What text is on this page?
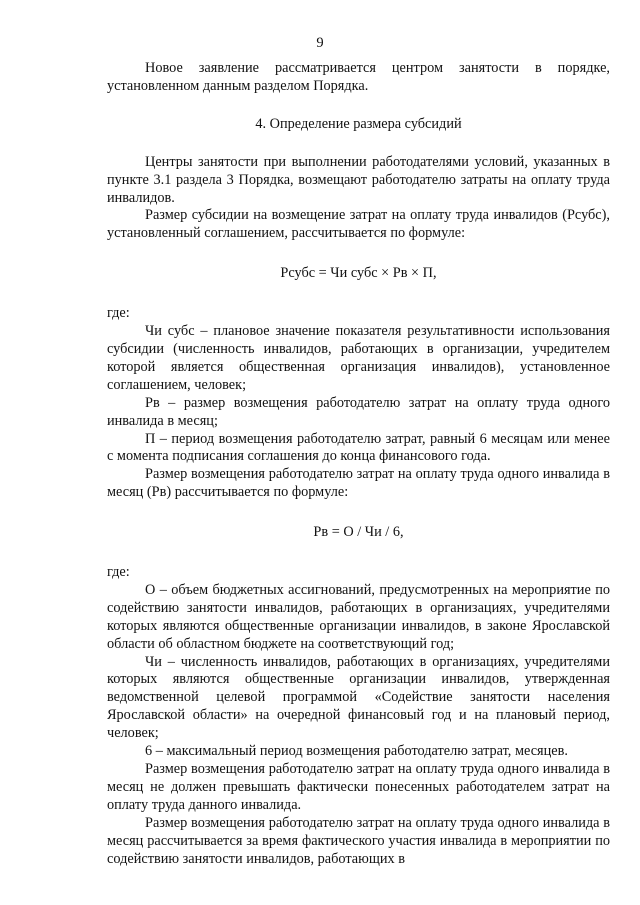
9

Новое заявление рассматривается центром занятости в порядке, установленном данным разделом Порядка.

4. Определение размера субсидий

Центры занятости при выполнении работодателями условий, указанных в пункте 3.1 раздела 3 Порядка, возмещают работодателю затраты на оплату труда инвалидов.

Размер субсидии на возмещение затрат на оплату труда инвалидов (Рсубс), установленный соглашением, рассчитывается по формуле:

Рсубс = Чи субс × Рв × П,

где:

Чи субс – плановое значение показателя результативности использования субсидии (численность инвалидов, работающих в организации, учредителем которой является общественная организация инвалидов), установленное соглашением, человек;

Рв – размер возмещения работодателю затрат на оплату труда одного инвалида в месяц;

П – период возмещения работодателю затрат, равный 6 месяцам или менее с момента подписания соглашения до конца финансового года.

Размер возмещения работодателю затрат на оплату труда одного инвалида в месяц (Рв) рассчитывается по формуле:

Рв = О / Чи / 6,

где:

О – объем бюджетных ассигнований, предусмотренных на мероприятие по содействию занятости инвалидов, работающих в организациях, учредителями которых являются общественные организации инвалидов, в законе Ярославской области об областном бюджете на соответствующий год;

Чи – численность инвалидов, работающих в организациях, учредителями которых являются общественные организации инвалидов, утвержденная ведомственной целевой программой «Содействие занятости населения Ярославской области» на очередной финансовый год и на плановый период, человек;

6 – максимальный период возмещения работодателю затрат, месяцев.

Размер возмещения работодателю затрат на оплату труда одного инвалида в месяц не должен превышать фактически понесенных работодателем затрат на оплату труда данного инвалида.

Размер возмещения работодателю затрат на оплату труда одного инвалида в месяц рассчитывается за время фактического участия инвалида в мероприятии по содействию занятости инвалидов, работающих в
